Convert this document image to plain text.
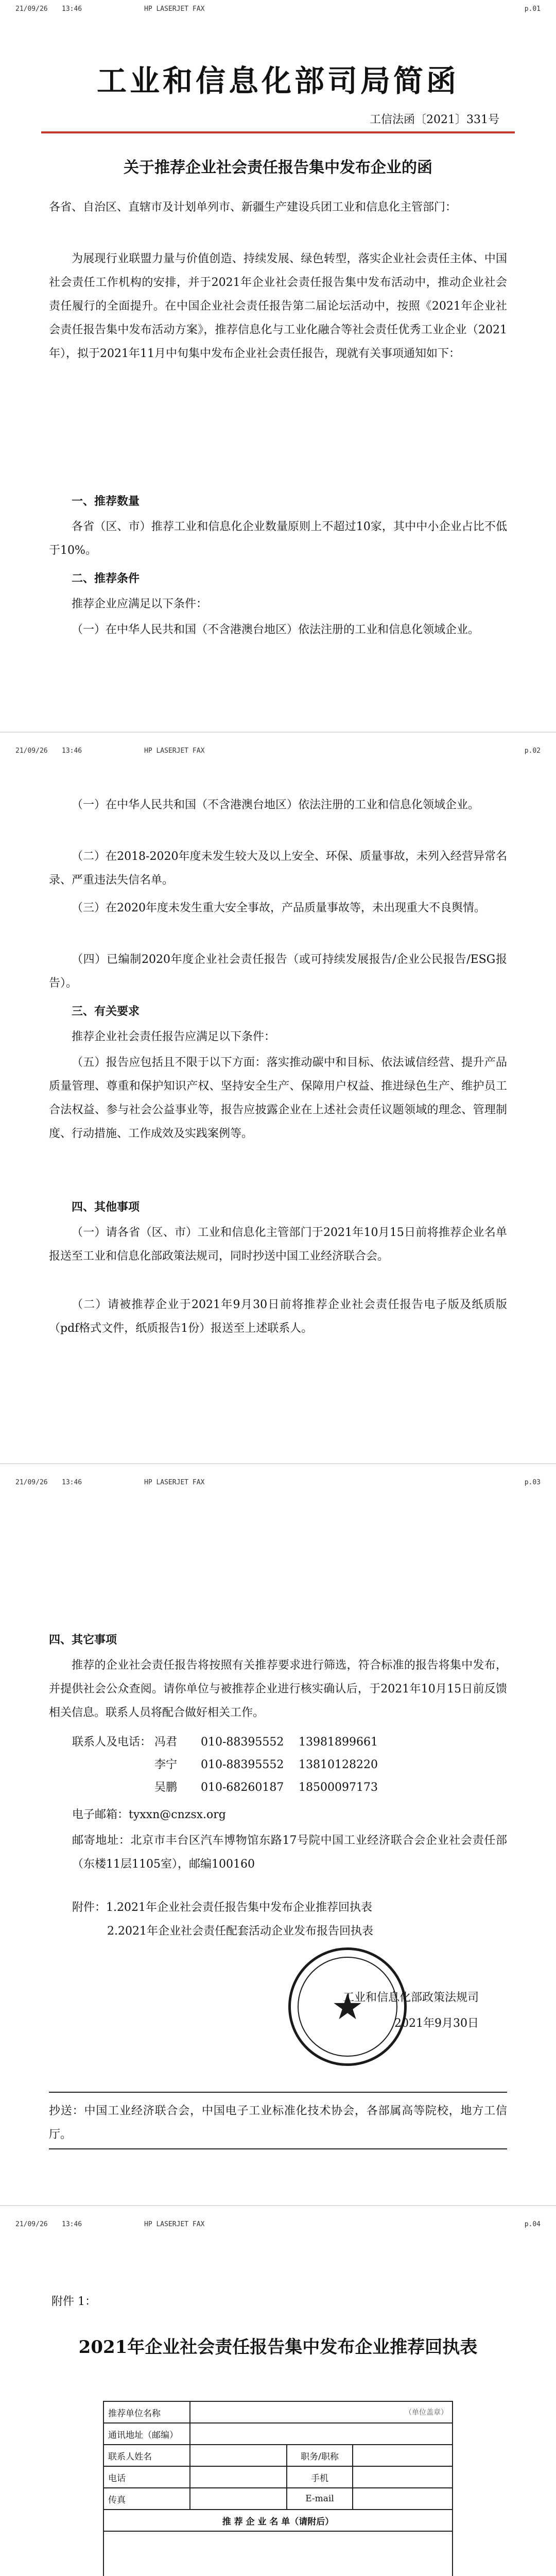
21/09/26 13:46	HP LASERJET FAX	p.01
工业和信息化部司局简函
工信法函〔2021〕331号
关于推荐企业社会责任报告集中发布企业的函
各省、自治区、直辖市及计划单列市、新疆生产建设兵团工业和信息化主管部门：
为展现行业联盟力量与价值创造、持续发展、绿色转型，落实企业社会责任主体、中国社会责任工作机构的安排，并于2021年企业社会责任报告集中发布活动中，推动企业社会责任履行的全面提升。在中国企业社会责任报告第二届论坛活动中，按照《2021年企业社会责任报告集中发布活动方案》，推荐信息化与工业化融合等社会责任优秀工业企业（2021年），拟于2021年11月中旬集中发布企业社会责任报告，现就有关事项通知如下：
一、推荐数量
各省（区、市）推荐工业和信息化企业数量原则上不超过10家，其中中小企业占比不低于10%。
二、推荐条件
推荐企业应满足以下条件：
（一）在中华人民共和国（不含港澳台地区）依法注册的工业和信息化领域企业。
21/09/26 13:46	HP LASERJET FAX	p.02
（一）在中华人民共和国（不含港澳台地区）依法注册的工业和信息化领域企业。
（二）在2018-2020年度未发生较大及以上安全、环保、质量事故，未列入经营异常名录、严重违法失信名单。
（三）在2020年度未发生重大安全事故，产品质量事故等，未出现重大不良舆情。
（四）已编制2020年度企业社会责任报告（或可持续发展报告/企业公民报告/ESG报告）。
三、有关要求
推荐企业社会责任报告应满足以下条件：
（五）报告应包括且不限于以下方面：落实推动碳中和目标、依法诚信经营、提升产品质量管理、尊重和保护知识产权、坚持安全生产、保障用户权益、推进绿色生产、维护员工合法权益、参与社会公益事业等，报告应披露企业在上述社会责任议题领域的理念、管理制度、行动措施、工作成效及实践案例等。
四、其他事项
（一）请各省（区、市）工业和信息化主管部门于2021年10月15日前将推荐企业名单报送至工业和信息化部政策法规司，同时抄送中国工业经济联合会。
（二）请被推荐企业于2021年9月30日前将推荐企业社会责任报告电子版及纸质版（pdf格式文件，纸质报告1份）报送至上述联系人。
21/09/26 13:46	HP LASERJET FAX	p.03
四、其它事项
推荐的企业社会责任报告将按照有关推荐要求进行筛选，符合标准的报告将集中发布，并提供社会公众查阅。请你单位与被推荐企业进行核实确认后，于2021年10月15日前反馈相关信息。联系人员将配合做好相关工作。
联系人及电话： 冯君	010-88395552	13981899661
李宁	010-88395552	13810128220
吴鹏	010-68260187	18500097173
电子邮箱：tyxxn@cnzsx.org
邮寄地址：北京市丰台区汽车博物馆东路17号院中国工业经济联合会企业社会责任部（东楼11层1105室），邮编100160
附件：1.2021年企业社会责任报告集中发布企业推荐回执表
2.2021年企业社会责任配套活动企业发布报告回执表
★
工业和信息化部政策法规司
2021年9月30日
抄送：中国工业经济联合会，中国电子工业标准化技术协会，各部属高等院校，地方工信厅。
21/09/26 13:46	HP LASERJET FAX	p.04
附件 1：
2021年企业社会责任报告集中发布企业推荐回执表
推荐单位名称	（单位盖章）		
通讯地址（邮编）			
联系人姓名		职务/职称	
电话		手机	
传真		E-mail	
推 荐 企 业 名 单（请附后）			
